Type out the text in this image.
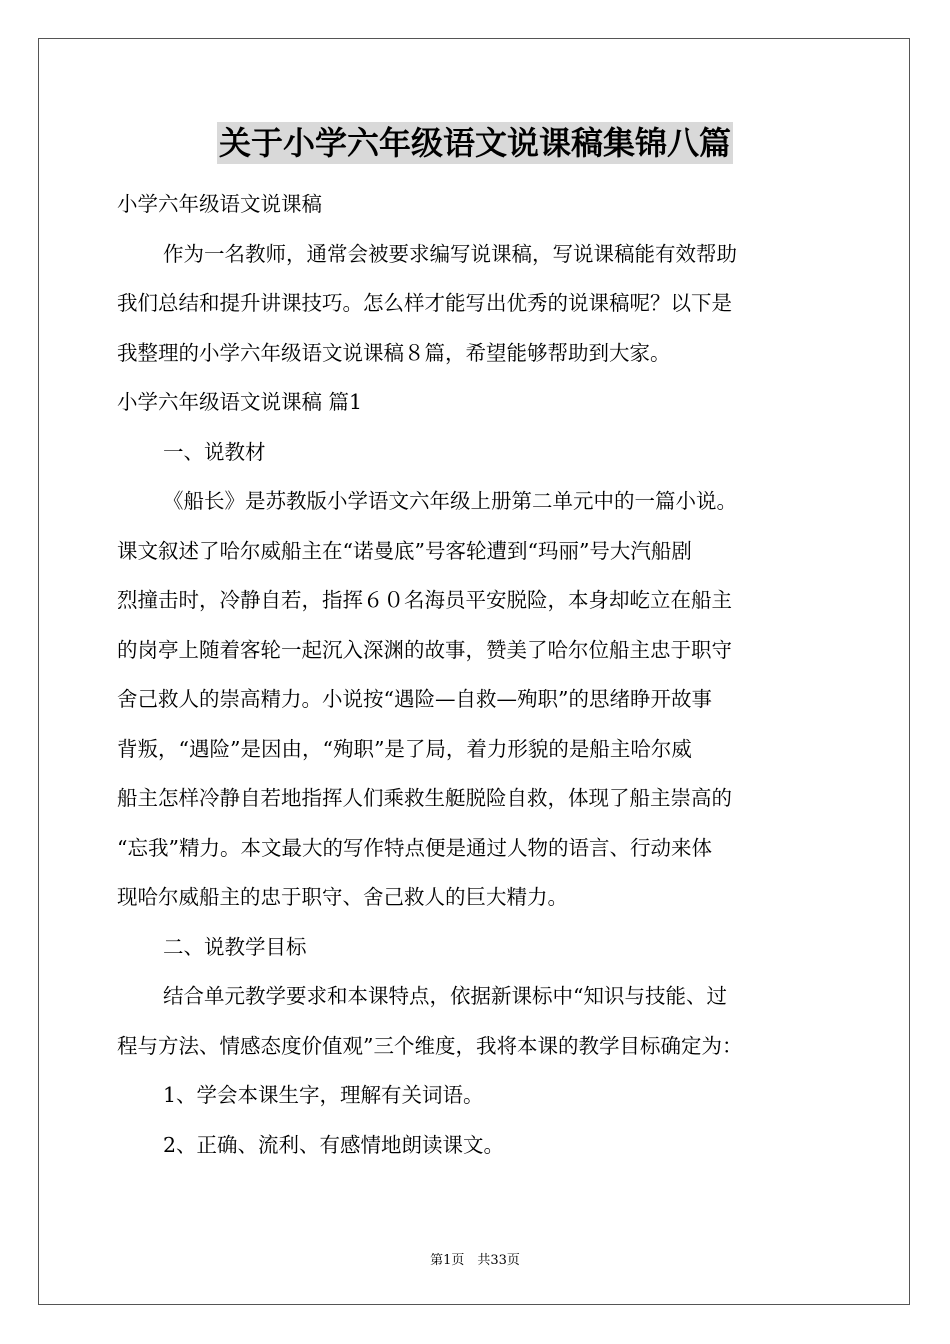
关于小学六年级语文说课稿集锦八篇
小学六年级语文说课稿
作为一名教师，通常会被要求编写说课稿，写说课稿能有效帮助
我们总结和提升讲课技巧。怎么样才能写出优秀的说课稿呢？以下是
我整理的小学六年级语文说课稿８篇，希望能够帮助到大家。
小学六年级语文说课稿 篇1
一、说教材
《船长》是苏教版小学语文六年级上册第二单元中的一篇小说。
课文叙述了哈尔威船主在“诺曼底”号客轮遭到“玛丽”号大汽船剧
烈撞击时，冷静自若，指挥６０名海员平安脱险，本身却屹立在船主
的岗亭上随着客轮一起沉入深渊的故事，赞美了哈尔位船主忠于职守
舍己救人的崇高精力。小说按“遇险—自救—殉职”的思绪睁开故事
背叛，“遇险”是因由，“殉职”是了局，着力形貌的是船主哈尔威
船主怎样冷静自若地指挥人们乘救生艇脱险自救，体现了船主崇高的
“忘我”精力。本文最大的写作特点便是通过人物的语言、行动来体
现哈尔威船主的忠于职守、舍己救人的巨大精力。
二、说教学目标
结合单元教学要求和本课特点，依据新课标中“知识与技能、过
程与方法、情感态度价值观”三个维度，我将本课的教学目标确定为：
1、学会本课生字，理解有关词语。
2、正确、流利、有感情地朗读课文。
第1页　共33页
